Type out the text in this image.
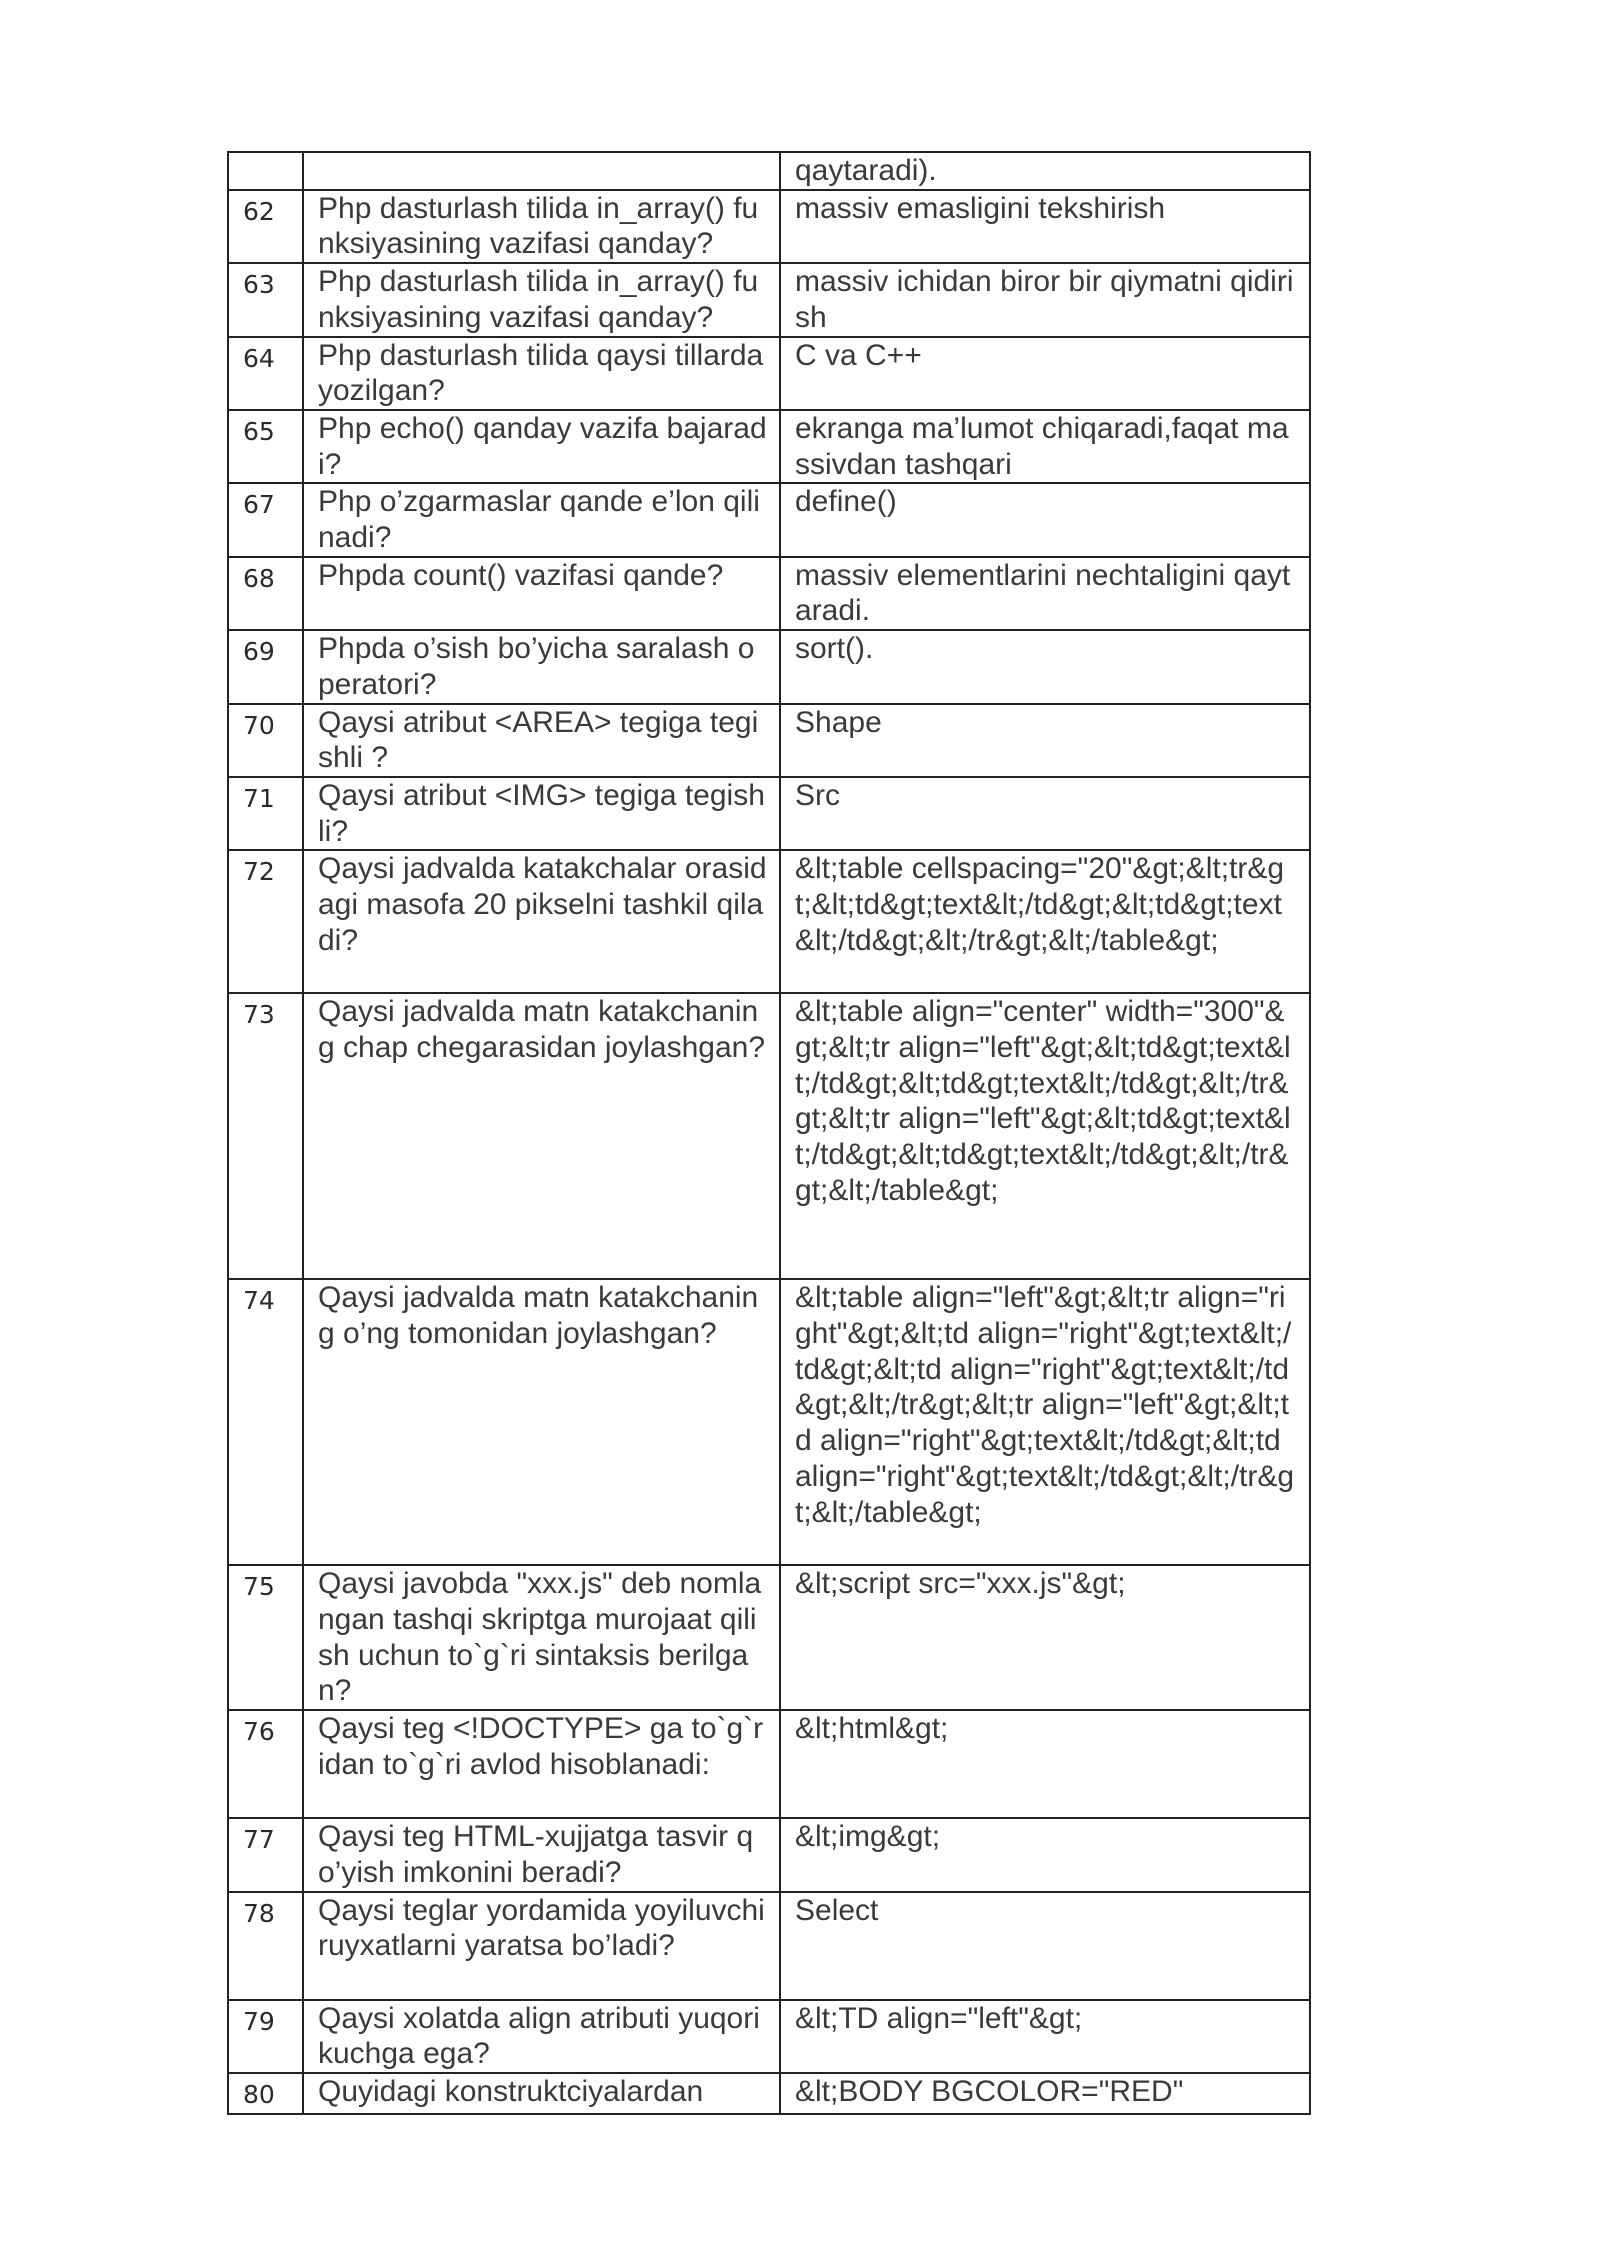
		qaytaradi).
62	Php dasturlash tilida in_array() funksiyasining vazifasi qanday?	massiv emasligini tekshirish
63	Php dasturlash tilida in_array() funksiyasining vazifasi qanday?	massiv ichidan biror bir qiymatni qidirish
64	Php dasturlash tilida qaysi tillarda yozilgan?	C va C++
65	Php echo() qanday vazifa bajaradi?	ekranga ma’lumot chiqaradi,faqat massivdan tashqari
67	Php o’zgarmaslar qande e’lon qilinadi?	define()
68	Phpda count() vazifasi qande?	massiv elementlarini nechtaligini qaytaradi.
69	Phpda o’sish bo’yicha saralash operatori?	sort().
70	Qaysi atribut <AREA> tegiga tegishli ?	Shape
71	Qaysi atribut <IMG> tegiga tegishli?	Src
72	Qaysi jadvalda katakchalar orasidagi masofa 20 pikselni tashkil qiladi?	&lt;table cellspacing="20"&gt;&lt;tr&gt;&lt;td&gt;text&lt;/td&gt;&lt;td&gt;text&lt;/td&gt;&lt;/tr&gt;&lt;/table&gt;
73	Qaysi jadvalda matn katakchaning chap chegarasidan joylashgan?	&lt;table align="center" width="300"&gt;&lt;tr align="left"&gt;&lt;td&gt;text&lt;/td&gt;&lt;td&gt;text&lt;/td&gt;&lt;/tr&gt;&lt;tr align="left"&gt;&lt;td&gt;text&lt;/td&gt;&lt;td&gt;text&lt;/td&gt;&lt;/tr&gt;&lt;/table&gt;
74	Qaysi jadvalda matn katakchaning o’ng tomonidan joylashgan?	&lt;table align="left"&gt;&lt;tr align="right"&gt;&lt;td align="right"&gt;text&lt;/td&gt;&lt;td align="right"&gt;text&lt;/td&gt;&lt;/tr&gt;&lt;tr align="left"&gt;&lt;td align="right"&gt;text&lt;/td&gt;&lt;td align="right"&gt;text&lt;/td&gt;&lt;/tr&gt;&lt;/table&gt;
75	Qaysi javobda "xxx.js" deb nomlangan tashqi skriptga murojaat qilish uchun to`g`ri sintaksis berilgan?	&lt;script src="xxx.js"&gt;
76	Qaysi teg <!DOCTYPE> ga to`g`ridan to`g`ri avlod hisoblanadi:	&lt;html&gt;
77	Qaysi teg HTML-xujjatga tasvir qo’yish imkonini beradi?	&lt;img&gt;
78	Qaysi teglar yordamida yoyiluvchi ruyxatlarni yaratsa bo’ladi?	Select
79	Qaysi xolatda align atributi yuqori kuchga ega?	&lt;TD align="left"&gt;
80	Quyidagi konstruktciyalardan	&lt;BODY BGCOLOR="RED"
